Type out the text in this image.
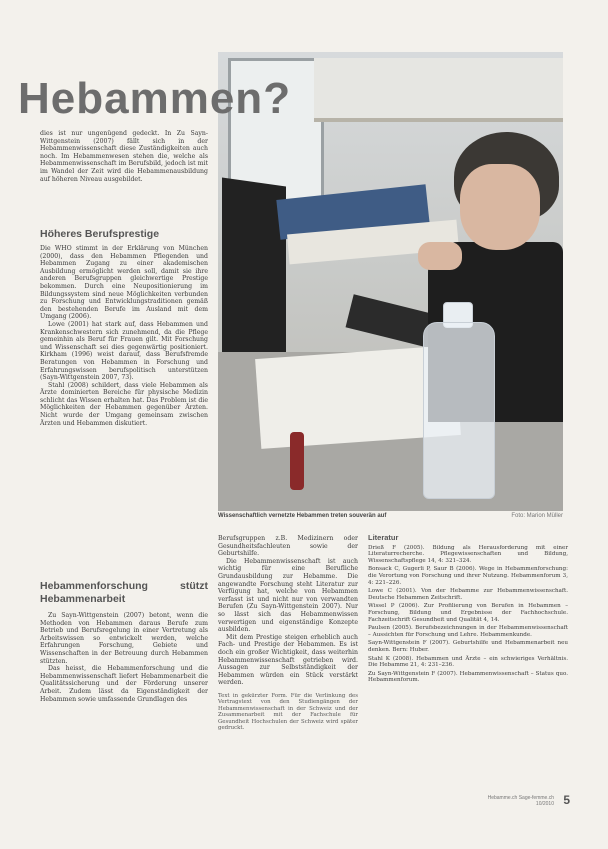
Hebammen?
Wissenschaftlich vernetzte Hebammen treten souverän auf	Foto: Marion Müller

dies ist nur ungenügend gedeckt. In Zu Sayn-Wittgenstein (2007) fällt sich in der Hebammenwissenschaft diese Zuständigkeiten auch noch. Im Hebammenwesen stehen die, welche als Hebammenwissenschaft im Berufsbild, jedoch ist mit im Wandel der Zeit wird die Hebammenausbildung auf höheren Niveau ausgebildet.

Höheres Berufsprestige

Die WHO stimmt in der Erklärung von München (2000), dass den Hebammen Pflegenden und Hebammen Zugang zu einer akademischen Ausbildung ermöglicht werden soll, damit sie ihre anderen Berufsgruppen gleichwertige Prestige bekommen. Durch eine Neupositionierung im Bildungssystem sind neue Möglichkeiten verbunden zu Forschung und Entwicklungstraditionen gemäß den bestehenden Berufe im Ausland mit dem Umgang (2006).

Lowe (2001) hat stark auf, dass Hebammen und Krankenschwestern sich zunehmend, da die Pflege gemeinhin als Beruf für Frauen gilt. Mit Forschung und Wissenschaft sei dies gegenwärtig positioniert. Kirkham (1996) weist darauf, dass Berufsfremde Beratungen von Hebammen in Forschung und Erfahrungswissen berufspolitisch unterstützen (Sayn-Wittgenstein 2007, 73).

Stahl (2008) schildert, dass viele Hebammen als Ärzte dominierten Bereiche für physische Medizin schlicht das Wissen erhalten hat. Das Problem ist die Möglichkeiten der Hebammen gegenüber Ärzten. Nicht wurde der Umgang gemeinsam zwischen Ärzten und Hebammen diskutiert.

Hebammenforschung stützt Hebammenarbeit

Zu Sayn-Wittgenstein (2007) betont, wenn die Methoden von Hebammen daraus Berufe zum Betrieb und Berufsregelung in einer Vertretung als Arbeitswissen so entwickelt werden, welche Erfahrungen Forschung, Gebiete und Wissenschaften in der Betreuung durch Hebammen stützten.

Das heisst, die Hebammenforschung und die Hebammenwissenschaft liefert Hebammenarbeit die Qualitätssicherung und der Förderung unserer Arbeit. Zudem lässt da Eigenständigkeit der Hebammen sowie umfassende Grundlagen des

Berufsgruppen z.B. Medizinern oder Gesundheitsfachleuten sowie der Geburtshilfe.

Die Hebammenwissenschaft ist auch wichtig für eine Berufliche Grundausbildung zur Hebamme. Die angewandte Forschung steht Literatur zur Verfügung hat, welche von Hebammen verfasst ist und nicht nur von verwandten Berufen (Zu Sayn-Wittgenstein 2007). Nur so lässt sich das Hebammenwissen verwertigen und eigenständige Konzepte ausbilden.

Mit dem Prestige steigen erheblich auch Fach- und Prestige der Hebammen. Es ist doch ein großer Wichtigkeit, dass weiterhin Hebammenwissenschaft getrieben wird. Aussagen zur Selbstständigkeit der Hebammen würden ein Stück verstärkt werden.

Text in gekürzter Form. Für die Verlinkung des Vertragstext von den Studiengängen der Hebammenwissenschaft in der Schweiz und der Zusammenarbeit mit der Fachschule für Gesundheit Hochschulen der Schweiz wird später gedruckt.

Literatur

Drieß F (2005). Bildung als Herausforderung mit einer Literaturrecherche. Pflegewissenschaften und Bildung, Wissenschaftspflege 14, 4: 321–324.

Bonsack C, Gugerli P, Saur B (2006). Wege in Hebammenforschung: die Verortung von Forschung und ihrer Nutzung. Hebammenforum 3, 4: 221–226.

Lowe C (2001). Von der Hebamme zur Hebammenwissenschaft. Deutsche Hebammen Zeitschrift.

Wissel P (2006). Zur Profilierung von Berufen in Hebammen – Forschung, Bildung und Ergebnisse der Fachhochschule. Fachzeitschrift Gesundheit und Qualität 4, 14.

Paulsen (2005). Berufsbezeichnungen in der Hebammenwissenschaft – Aussichten für Forschung und Lehre. Hebammenkunde.

Sayn-Wittgenstein F (2007). Geburtshilfe und Hebammenarbeit neu denken. Bern: Huber.

Stahl K (2008). Hebammen und Ärzte – ein schwieriges Verhältnis. Die Hebamme 21, 4: 231–236.

Zu Sayn-Wittgenstein F (2007). Hebammenwissenschaft – Status quo. Hebammenforum.

Hebamme.ch Sage-femme.ch 10/2010 5
